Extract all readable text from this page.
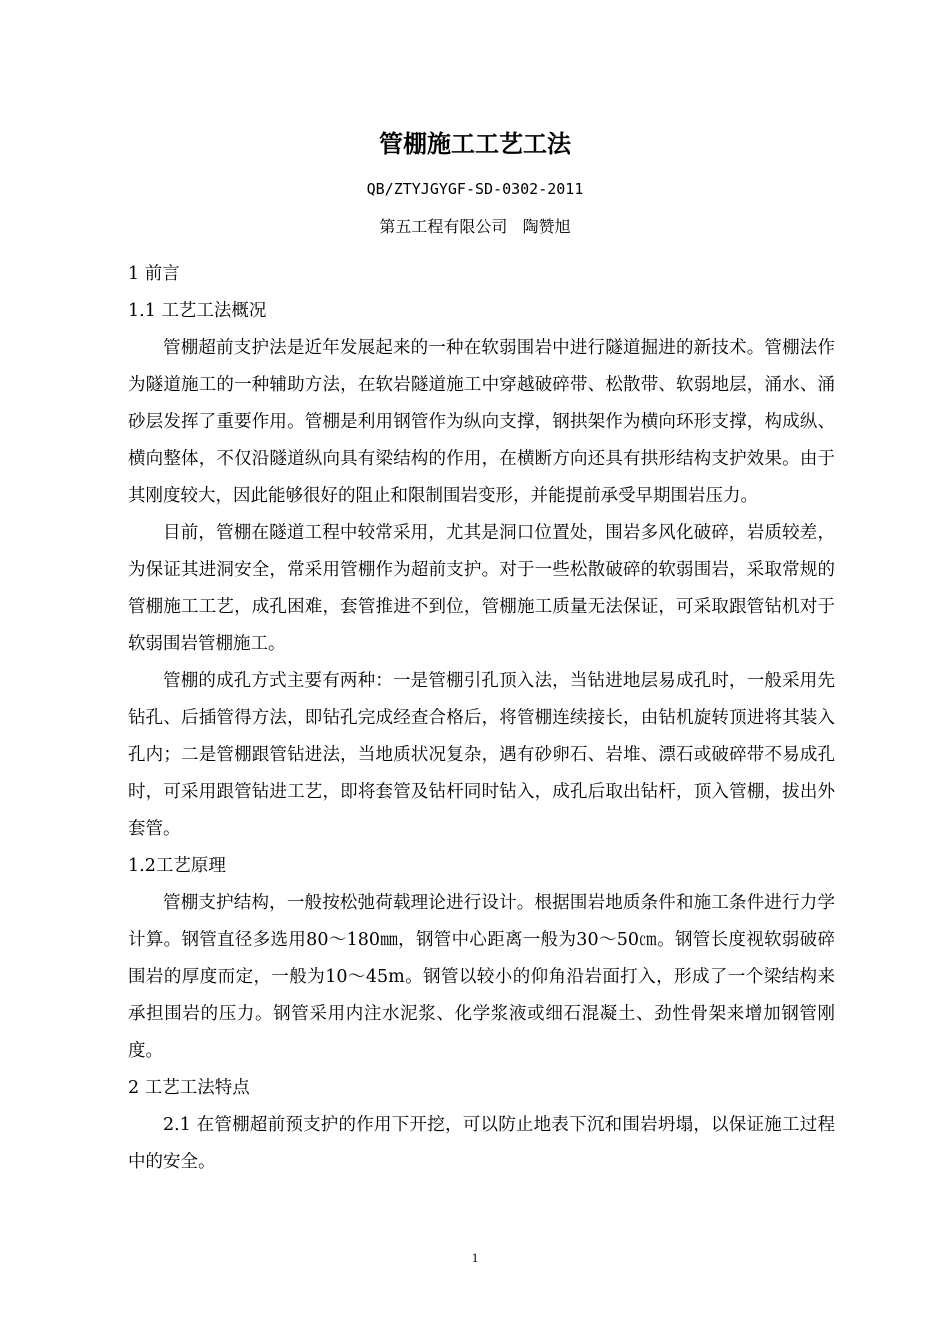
管棚施工工艺工法
QB/ZTYJGYGF-SD-0302-2011
第五工程有限公司   陶赞旭
1 前言
1.1 工艺工法概况
管棚超前支护法是近年发展起来的一种在软弱围岩中进行隧道掘进的新技术。管棚法作为隧道施工的一种辅助方法，在软岩隧道施工中穿越破碎带、松散带、软弱地层，涌水、涌砂层发挥了重要作用。管棚是利用钢管作为纵向支撑，钢拱架作为横向环形支撑，构成纵、横向整体，不仅沿隧道纵向具有梁结构的作用，在横断方向还具有拱形结构支护效果。由于其刚度较大，因此能够很好的阻止和限制围岩变形，并能提前承受早期围岩压力。
目前，管棚在隧道工程中较常采用，尤其是洞口位置处，围岩多风化破碎，岩质较差，为保证其进洞安全，常采用管棚作为超前支护。对于一些松散破碎的软弱围岩，采取常规的管棚施工工艺，成孔困难，套管推进不到位，管棚施工质量无法保证，可采取跟管钻机对于软弱围岩管棚施工。
管棚的成孔方式主要有两种：一是管棚引孔顶入法，当钻进地层易成孔时，一般采用先钻孔、后插管得方法，即钻孔完成经查合格后，将管棚连续接长，由钻机旋转顶进将其装入孔内；二是管棚跟管钻进法，当地质状况复杂，遇有砂卵石、岩堆、漂石或破碎带不易成孔时，可采用跟管钻进工艺，即将套管及钻杆同时钻入，成孔后取出钻杆，顶入管棚，拔出外套管。
1.2工艺原理
管棚支护结构，一般按松弛荷载理论进行设计。根据围岩地质条件和施工条件进行力学计算。钢管直径多选用80～180㎜，钢管中心距离一般为30～50㎝。钢管长度视软弱破碎围岩的厚度而定，一般为10～45m。钢管以较小的仰角沿岩面打入，形成了一个梁结构来承担围岩的压力。钢管采用内注水泥浆、化学浆液或细石混凝土、劲性骨架来增加钢管刚度。
2 工艺工法特点
2.1 在管棚超前预支护的作用下开挖，可以防止地表下沉和围岩坍塌，以保证施工过程中的安全。
1
